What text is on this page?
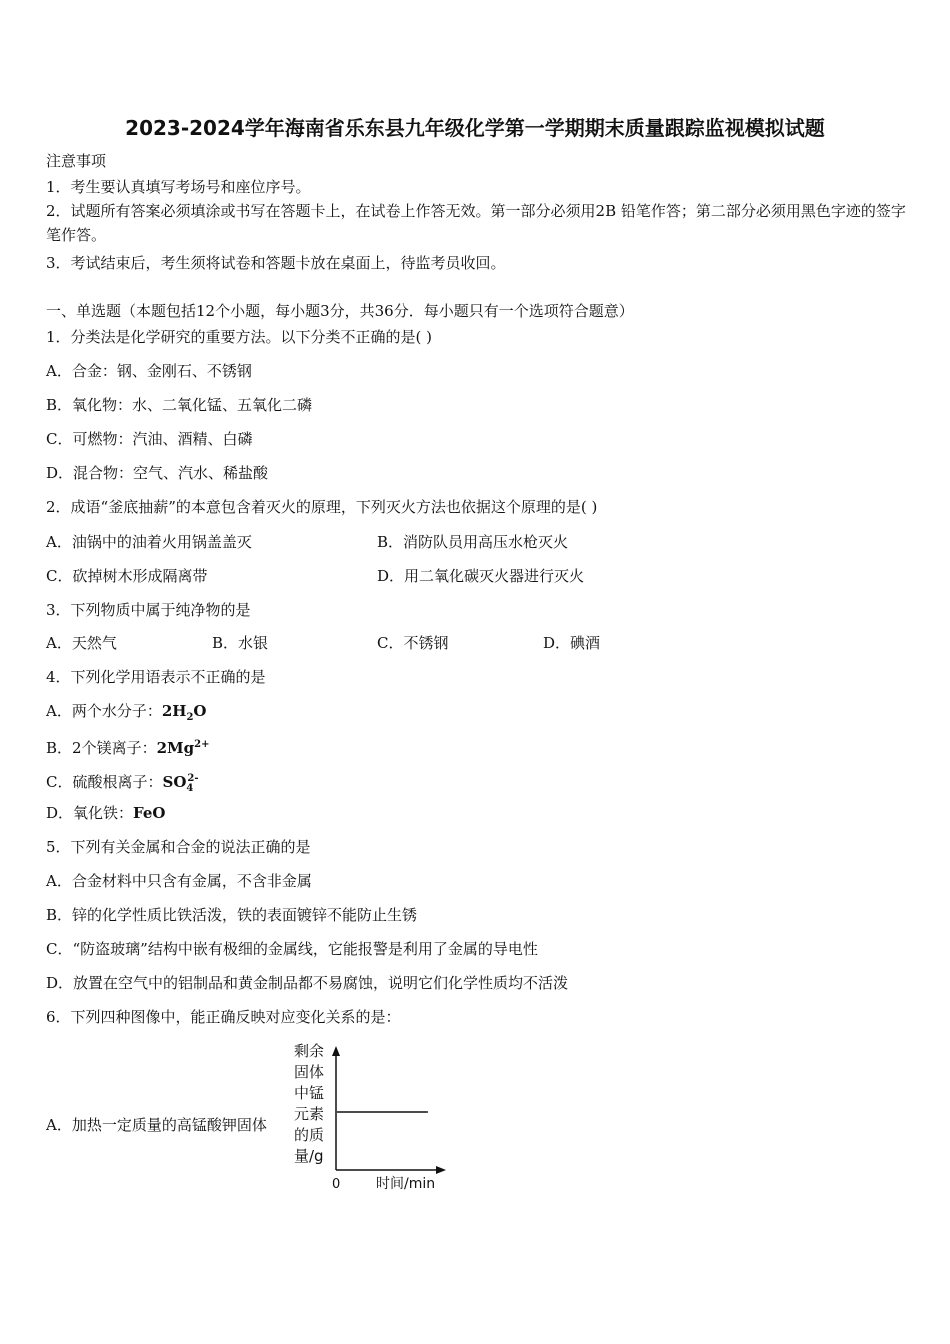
2023-2024学年海南省乐东县九年级化学第一学期期末质量跟踪监视模拟试题
注意事项
1．考生要认真填写考场号和座位序号。
2．试题所有答案必须填涂或书写在答题卡上，在试卷上作答无效。第一部分必须用2B 铅笔作答；第二部分必须用黑色字迹的签字笔作答。
3．考试结束后，考生须将试卷和答题卡放在桌面上，待监考员收回。
一、单选题（本题包括12个小题，每小题3分，共36分．每小题只有一个选项符合题意）
1．分类法是化学研究的重要方法。以下分类不正确的是( )
A．合金：钢、金刚石、不锈钢
B．氧化物：水、二氧化锰、五氧化二磷
C．可燃物：汽油、酒精、白磷
D．混合物：空气、汽水、稀盐酸
2．成语“釜底抽薪”的本意包含着灭火的原理，下列灭火方法也依据这个原理的是( )
A．油锅中的油着火用锅盖盖灭	B．消防队员用高压水枪灭火
C．砍掉树木形成隔离带	D．用二氧化碳灭火器进行灭火
3．下列物质中属于纯净物的是
A．天然气	B．水银	C．不锈钢	D．碘酒
4．下列化学用语表示不正确的是
A．两个水分子：$2H_2O$
B．2个镁离子：$2Mg^{2+}$
C．硫酸根离子：$SO_4^{2-}$
D．氧化铁：FeO
5．下列有关金属和合金的说法正确的是
A．合金材料中只含有金属，不含非金属
B．锌的化学性质比铁活泼，铁的表面镀锌不能防止生锈
C．“防盗玻璃”结构中嵌有极细的金属线，它能报警是利用了金属的导电性
D．放置在空气中的铝制品和黄金制品都不易腐蚀，说明它们化学性质均不活泼
6．下列四种图像中，能正确反映对应变化关系的是：
A．加热一定质量的高锰酸钾固体
剩余
固体
中锰
元素
的质
量/g
0	时间/min
